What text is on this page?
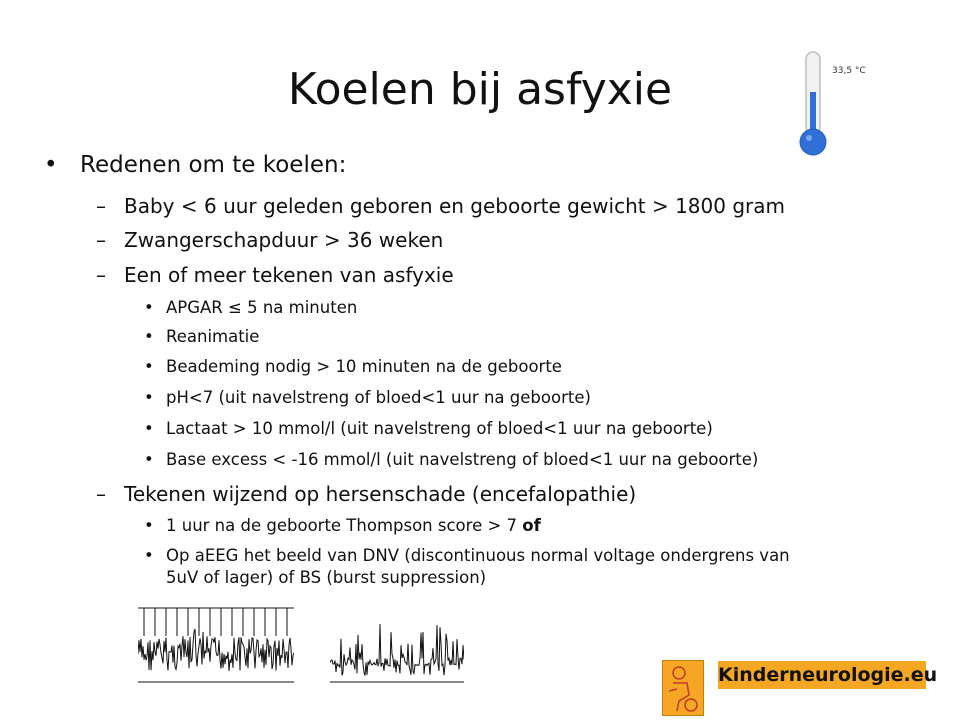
Koelen bij asfyxie	33,5 °C
• Redenen om te koelen:
– Baby < 6 uur geleden geboren en geboorte gewicht > 1800 gram
– Zwangerschapduur > 36 weken
– Een of meer tekenen van asfyxie
• APGAR ≤ 5 na minuten
• Reanimatie
• Beademing nodig > 10 minuten na de geboorte
• pH<7 (uit navelstreng of bloed<1 uur na geboorte)
• Lactaat > 10 mmol/l (uit navelstreng of bloed<1 uur na geboorte)
• Base excess < -16 mmol/l (uit navelstreng of bloed<1 uur na geboorte)
– Tekenen wijzend op hersenschade (encefalopathie)
• 1 uur na de geboorte Thompson score > 7 of
• Op aEEG het beeld van DNV (discontinuous normal voltage ondergrens van
5uV of lager) of BS (burst suppression)
Kinderneurologie.eu
